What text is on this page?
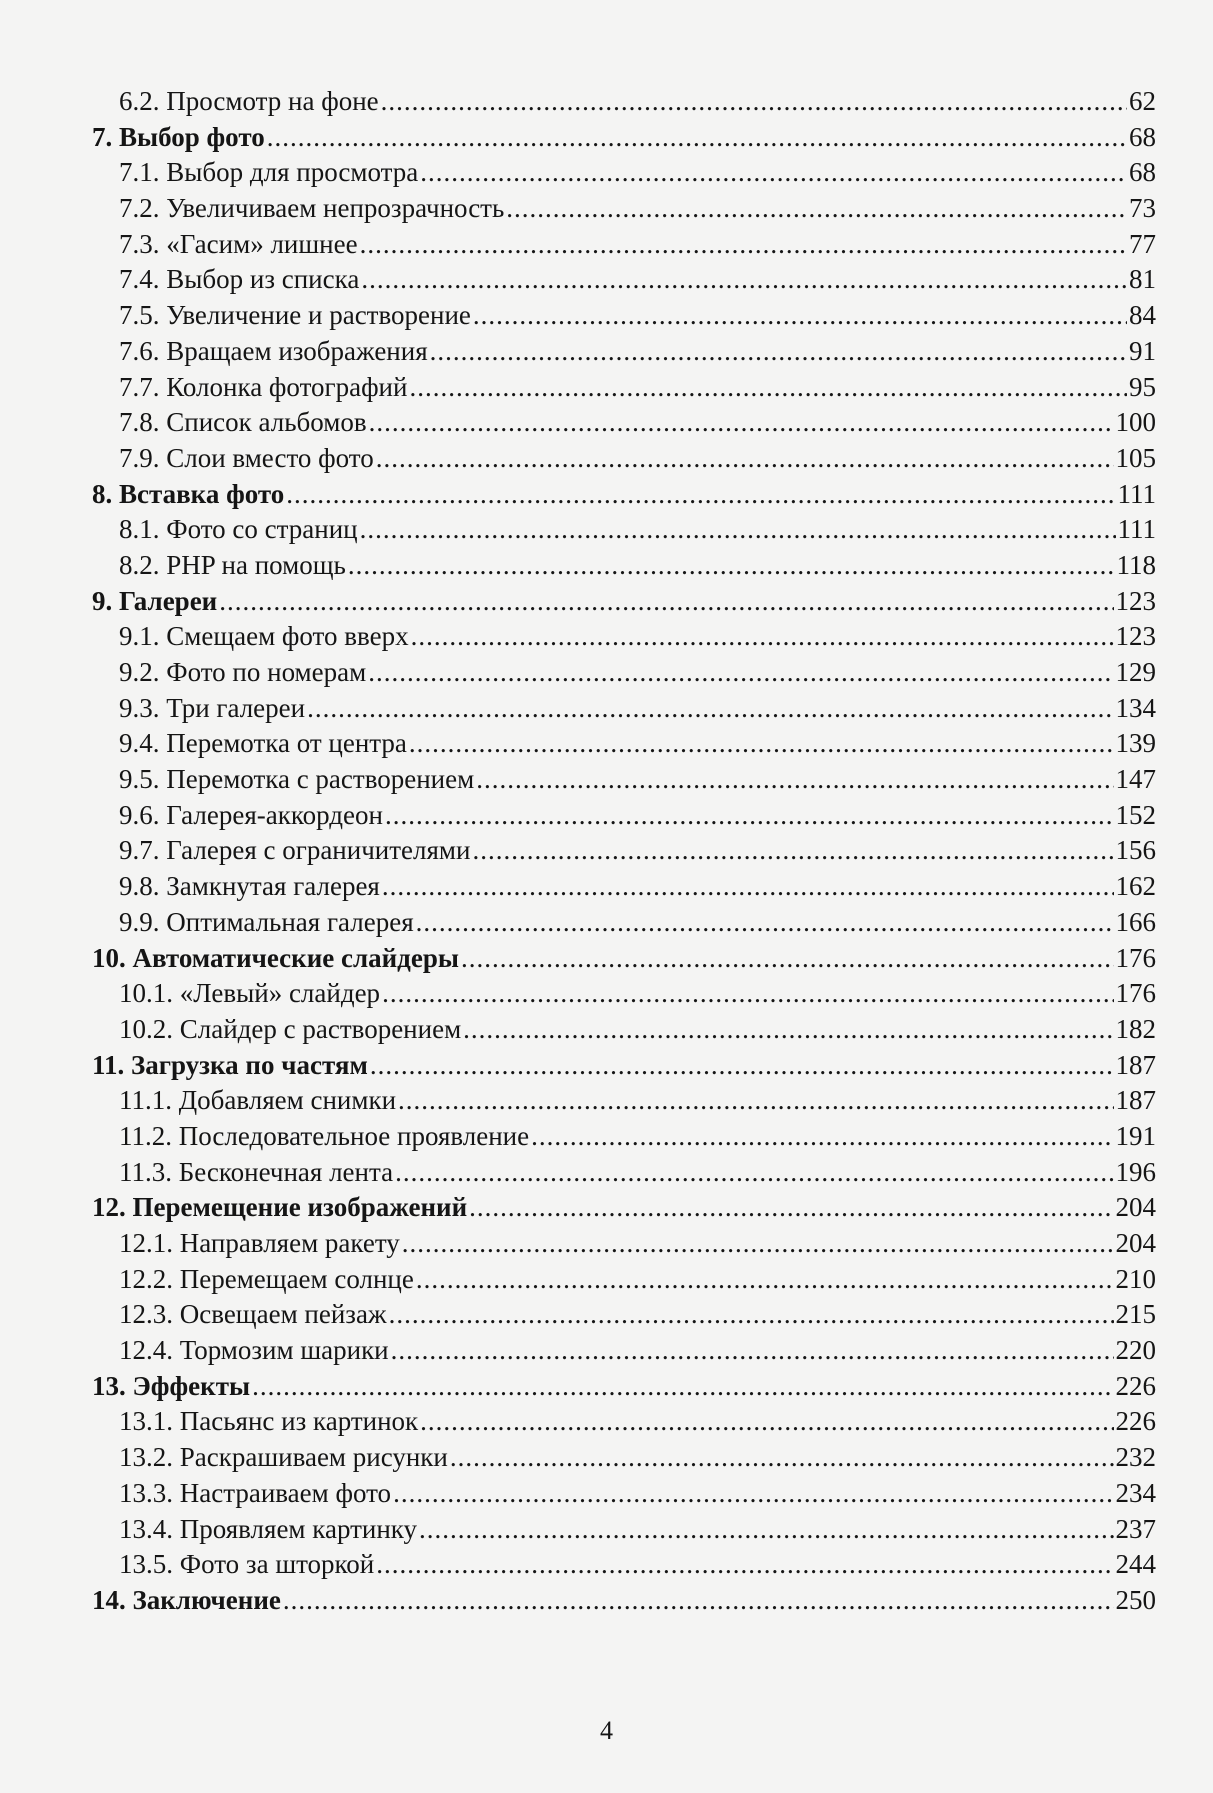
6.2. Просмотр на фоне .....	62
7. Выбор фото .....	68
7.1. Выбор для просмотра .....	68
7.2. Увеличиваем непрозрачность .....	73
7.3. «Гасим» лишнее .....	77
7.4. Выбор из списка .....	81
7.5. Увеличение и растворение .....	84
7.6. Вращаем изображения .....	91
7.7. Колонка фотографий .....	95
7.8. Список альбомов .....	100
7.9. Слои вместо фото .....	105
8. Вставка фото .....	111
8.1. Фото со страниц .....	111
8.2. PHP на помощь .....	118
9. Галереи .....	123
9.1. Смещаем фото вверх .....	123
9.2. Фото по номерам .....	129
9.3. Три галереи .....	134
9.4. Перемотка от центра .....	139
9.5. Перемотка с растворением .....	147
9.6. Галерея-аккордеон .....	152
9.7. Галерея с ограничителями .....	156
9.8. Замкнутая галерея .....	162
9.9. Оптимальная галерея .....	166
10. Автоматические слайдеры .....	176
10.1. «Левый» слайдер .....	176
10.2. Слайдер с растворением .....	182
11. Загрузка по частям .....	187
11.1. Добавляем снимки .....	187
11.2. Последовательное проявление .....	191
11.3. Бесконечная лента .....	196
12. Перемещение изображений .....	204
12.1. Направляем ракету .....	204
12.2. Перемещаем солнце .....	210
12.3. Освещаем пейзаж .....	215
12.4. Тормозим шарики .....	220
13. Эффекты .....	226
13.1. Пасьянс из картинок .....	226
13.2. Раскрашиваем рисунки .....	232
13.3. Настраиваем фото .....	234
13.4. Проявляем картинку .....	237
13.5. Фото за шторкой .....	244
14. Заключение .....	250
4
